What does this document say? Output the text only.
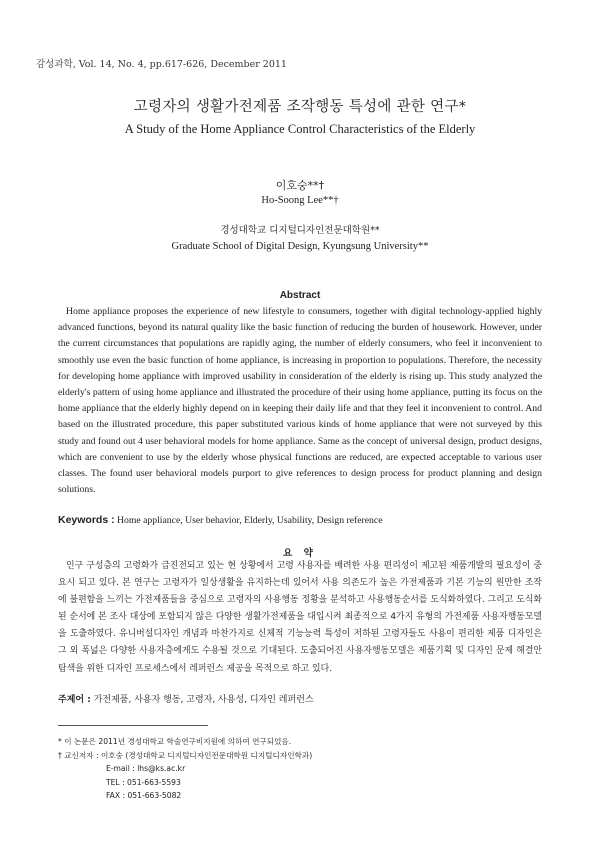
감성과학, Vol. 14, No. 4, pp.617-626, December 2011
고령자의 생활가전제품 조작행동 특성에 관한 연구*
A Study of the Home Appliance Control Characteristics of the Elderly
이호숭**†
Ho-Soong Lee**†
경성대학교 디지털디자인전문대학원**
Graduate School of Digital Design, Kyungsung University**
Abstract

Home appliance proposes the experience of new lifestyle to consumers, together with digital technology-applied highly advanced functions, beyond its natural quality like the basic function of reducing the burden of housework. However, under the current circumstances that populations are rapidly aging, the number of elderly consumers, who feel it inconvenient to smoothly use even the basic function of home appliance, is increasing in proportion to populations. Therefore, the necessity for developing home appliance with improved usability in consideration of the elderly is rising up. This study analyzed the elderly's pattern of using home appliance and illustrated the procedure of their using home appliance, putting its focus on the home appliance that the elderly highly depend on in keeping their daily life and that they feel it inconvenient to control. And based on the illustrated procedure, this paper substituted various kinds of home appliance that were not surveyed by this study and found out 4 user behavioral models for home appliance. Same as the concept of universal design, product designs, which are convenient to use by the elderly whose physical functions are reduced, are expected acceptable to various user classes. The found user behavioral models purport to give references to design process for product planning and design solutions.

Keywords : Home appliance, User behavior, Elderly, Usability, Design reference
요 약

인구 구성층의 고령화가 급진전되고 있는 현 상황에서 고령 사용자를 배려한 사용 편리성이 제고된 제품개발의 필요성이 중요시 되고 있다. 본 연구는 고령자가 일상생활을 유지하는데 있어서 사용 의존도가 높은 가전제품과 기본 기능의 원만한 조작에 불편함을 느끼는 가전제품들을 중심으로 고령자의 사용행동 정황을 분석하고 사용행동순서를 도식화하였다. 그리고 도식화된 순서에 본 조사 대상에 포함되지 않은 다양한 생활가전제품을 대입시켜 최종적으로 4가지 유형의 가전제품 사용자행동모델을 도출하였다. 유니버설디자인 개념과 마찬가지로 신체적 기능능력 특성이 저하된 고령자들도 사용이 편리한 제품 디자인은 그 외 폭넓은 다양한 사용자층에게도 수용될 것으로 기대된다. 도출되어진 사용자행동모델은 제품기획 및 디자인 문제 해결안 탐색을 위한 디자인 프로세스에서 레퍼런스 제공을 목적으로 하고 있다.

주제어 : 가전제품, 사용자 행동, 고령자, 사용성, 디자인 레퍼런스
* 이 논문은 2011년 경성대학교 학술연구비지원에 의하여 연구되었음.
† 교신저자 : 이호숭 (경성대학교 디지털디자인전문대학원 디지털디자인학과)
E-mail : lhs@ks.ac.kr
TEL : 051-663-5593
FAX : 051-663-5082
